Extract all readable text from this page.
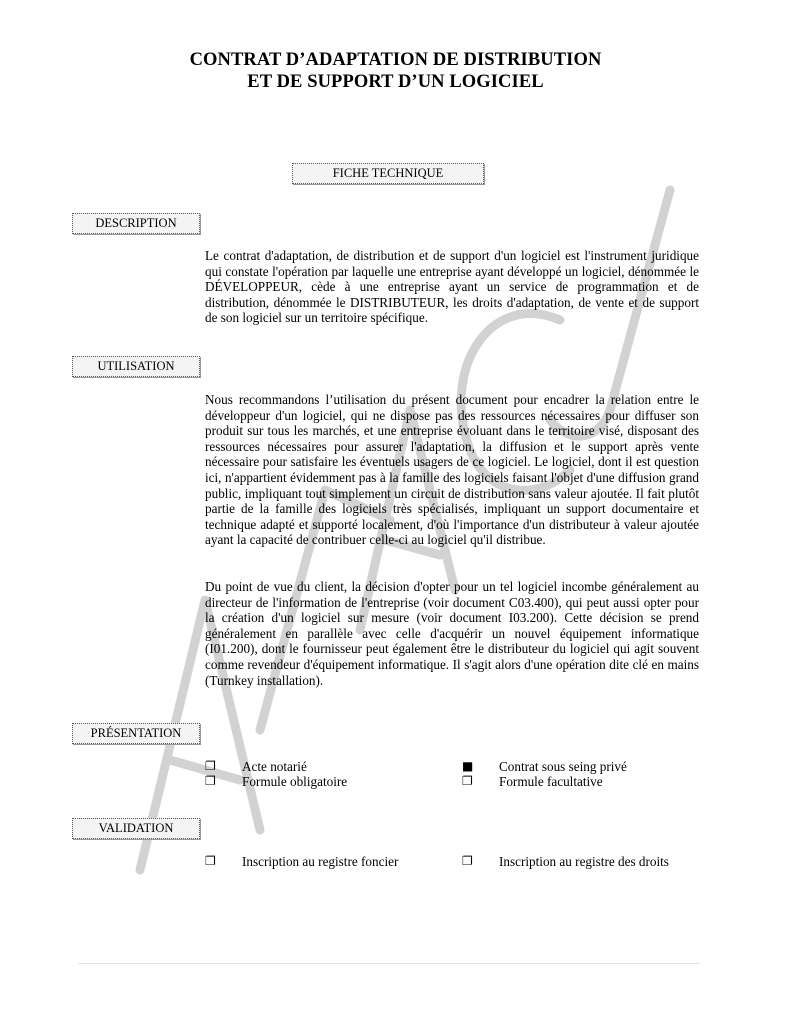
CONTRAT D’ADAPTATION DE DISTRIBUTION
ET DE SUPPORT D’UN LOGICIEL
FICHE TECHNIQUE
DESCRIPTION
Le contrat d'adaptation, de distribution et de support d'un logiciel est l'instrument juridique qui constate l'opération par laquelle une entreprise ayant développé un logiciel, dénommée le DÉVELOPPEUR, cède à une entreprise ayant un service de programmation et de distribution, dénommée le DISTRIBUTEUR, les droits d'adaptation, de vente et de support de son logiciel sur un territoire spécifique.
UTILISATION
Nous recommandons l’utilisation du présent document pour encadrer la relation entre le développeur d'un logiciel, qui ne dispose pas des ressources nécessaires pour diffuser son produit sur tous les marchés, et une entreprise évoluant dans le territoire visé, disposant des ressources nécessaires pour assurer l'adaptation, la diffusion et le support après vente nécessaire pour satisfaire les éventuels usagers de ce logiciel. Le logiciel, dont il est question ici, n'appartient évidemment pas à la famille des logiciels faisant l'objet d'une diffusion grand public, impliquant tout simplement un circuit de distribution sans valeur ajoutée. Il fait plutôt partie de la famille des logiciels très spécialisés, impliquant un support documentaire et technique adapté et supporté localement, d'où l'importance d'un distributeur à valeur ajoutée ayant la capacité de contribuer celle-ci au logiciel qu'il distribue.
Du point de vue du client, la décision d'opter pour un tel logiciel incombe généralement au directeur de l'information de l'entreprise (voir document C03.400), qui peut aussi opter pour la création d'un logiciel sur mesure (voir document I03.200). Cette décision se prend généralement en parallèle avec celle d'acquérir un nouvel équipement informatique (I01.200), dont le fournisseur peut également être le distributeur du logiciel qui agit souvent comme revendeur d'équipement informatique. Il s'agit alors d'une opération dite clé en mains (Turnkey installation).
PRÉSENTATION
❐ Acte notarié	■ Contrat sous seing privé
❐ Formule obligatoire	❐ Formule facultative
VALIDATION
❐ Inscription au registre foncier	❐ Inscription au registre des droits
